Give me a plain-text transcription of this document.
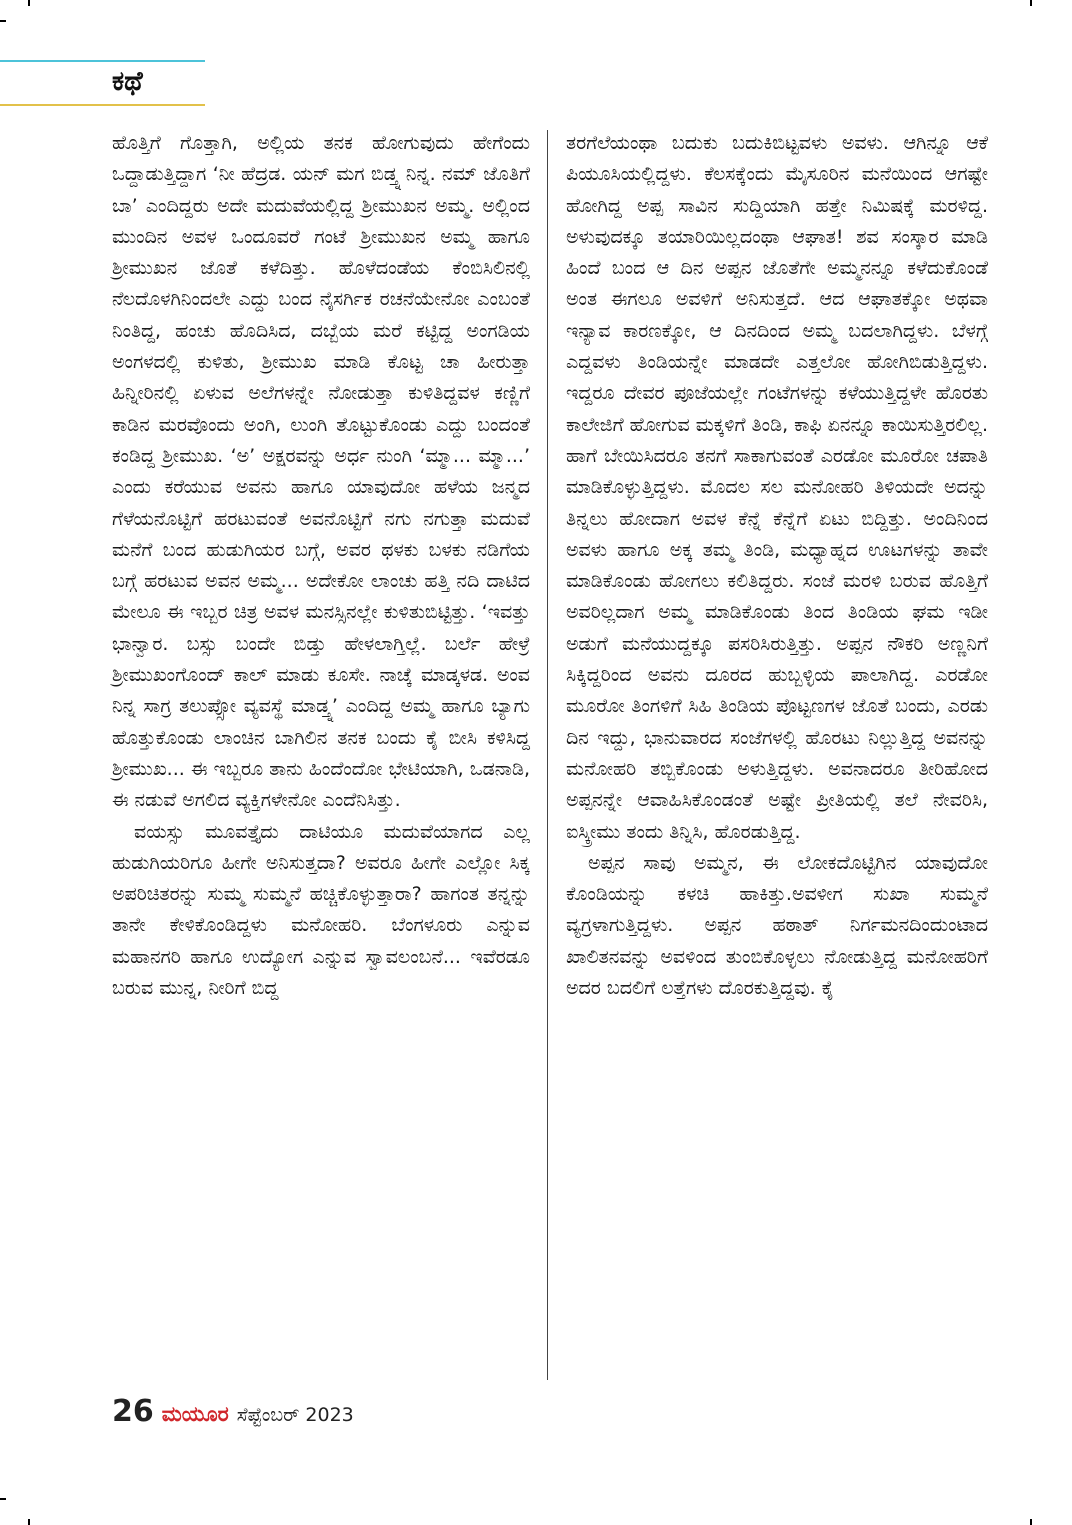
ಕಥೆ

ಹೊತ್ತಿಗೆ ಗೊತ್ತಾಗಿ, ಅಲ್ಲಿಯ ತನಕ ಹೋಗುವುದು ಹೇಗೆಂದು ಒದ್ದಾಡುತ್ತಿದ್ದಾಗ ‘ನೀ ಹೆದ್ರಡ. ಯನ್ ಮಗ ಬಿಡ್ತ್ನ ನಿನ್ನ. ನಮ್ ಜೊತಿಗೆ ಬಾ’ ಎಂದಿದ್ದರು ಅದೇ ಮದುವೆಯಲ್ಲಿದ್ದ ಶ್ರೀಮುಖನ ಅಮ್ಮ. ಅಲ್ಲಿಂದ ಮುಂದಿನ ಅವಳ ಒಂದೂವರೆ ಗಂಟೆ ಶ್ರೀಮುಖನ ಅಮ್ಮ ಹಾಗೂ ಶ್ರೀಮುಖನ ಜೊತೆ ಕಳೆದಿತ್ತು. ಹೊಳೆದಂಡೆಯ ಕೆಂಬಿಸಿಲಿನಲ್ಲಿ ನೆಲದೊಳಗಿನಿಂದಲೇ ಎದ್ದು ಬಂದ ನೈಸರ್ಗಿಕ ರಚನೆಯೇನೋ ಎಂಬಂತೆ ನಿಂತಿದ್ದ, ಹಂಚು ಹೊದಿಸಿದ, ದಬ್ಬೆಯ ಮರೆ ಕಟ್ಟಿದ್ದ ಅಂಗಡಿಯ ಅಂಗಳದಲ್ಲಿ ಕುಳಿತು, ಶ್ರೀಮುಖ ಮಾಡಿ ಕೊಟ್ಟ ಚಾ ಹೀರುತ್ತಾ ಹಿನ್ನೀರಿನಲ್ಲಿ ಏಳುವ ಅಲೆಗಳನ್ನೇ ನೋಡುತ್ತಾ ಕುಳಿತಿದ್ದವಳ ಕಣ್ಣಿಗೆ ಕಾಡಿನ ಮರವೊಂದು ಅಂಗಿ, ಲುಂಗಿ ತೊಟ್ಟುಕೊಂಡು ಎದ್ದು ಬಂದಂತೆ ಕಂಡಿದ್ದ ಶ್ರೀಮುಖ. ‘ಅ’ ಅಕ್ಷರವನ್ನು ಅರ್ಧ ನುಂಗಿ ‘ಮ್ಮಾ... ಮ್ಮಾ...’ ಎಂದು ಕರೆಯುವ ಅವನು ಹಾಗೂ ಯಾವುದೋ ಹಳೆಯ ಜನ್ಮದ ಗೆಳೆಯನೊಟ್ಟಿಗೆ ಹರಟುವಂತೆ ಅವನೊಟ್ಟಿಗೆ ನಗು ನಗುತ್ತಾ ಮದುವೆ ಮನೆಗೆ ಬಂದ ಹುಡುಗಿಯರ ಬಗ್ಗೆ, ಅವರ ಥಳಕು ಬಳಕು ನಡಿಗೆಯ ಬಗ್ಗೆ ಹರಟುವ ಅವನ ಅಮ್ಮ... ಅದೇಕೋ ಲಾಂಚು ಹತ್ತಿ ನದಿ ದಾಟಿದ ಮೇಲೂ ಈ ಇಬ್ಬರ ಚಿತ್ರ ಅವಳ ಮನಸ್ಸಿನಲ್ಲೇ ಕುಳಿತುಬಿಟ್ಟಿತ್ತು. ‘ಇವತ್ತು ಭಾನ್ವಾರ. ಬಸ್ಸು ಬಂದೇ ಬಿಡ್ತು ಹೇಳಲಾಗ್ತಿಲ್ಲೆ. ಬರ್ಲೆ ಹೇಳ್ರೆ ಶ್ರೀಮುಖಂಗೊಂದ್ ಕಾಲ್ ಮಾಡು ಕೂಸೇ. ನಾಚ್ಕೆ ಮಾಡ್ಕಳಡ. ಅಂವ ನಿನ್ನ ಸಾಗ್ರ ತಲುಪ್ಸೋ ವ್ಯವಸ್ಥೆ ಮಾಡ್ತ್ನ’ ಎಂದಿದ್ದ ಅಮ್ಮ ಹಾಗೂ ಬ್ಯಾಗು ಹೊತ್ತುಕೊಂಡು ಲಾಂಚಿನ ಬಾಗಿಲಿನ ತನಕ ಬಂದು ಕೈ ಬೀಸಿ ಕಳಿಸಿದ್ದ ಶ್ರೀಮುಖ... ಈ ಇಬ್ಬರೂ ತಾನು ಹಿಂದೆಂದೋ ಭೇಟಿಯಾಗಿ, ಒಡನಾಡಿ, ಈ ನಡುವೆ ಅಗಲಿದ ವ್ಯಕ್ತಿಗಳೇನೋ ಎಂದೆನಿಸಿತ್ತು.

ವಯಸ್ಸು ಮೂವತ್ತೈದು ದಾಟಿಯೂ ಮದುವೆಯಾಗದ ಎಲ್ಲ ಹುಡುಗಿಯರಿಗೂ ಹೀಗೇ ಅನಿಸುತ್ತದಾ? ಅವರೂ ಹೀಗೇ ಎಲ್ಲೋ ಸಿಕ್ಕ ಅಪರಿಚಿತರನ್ನು ಸುಮ್ಮ ಸುಮ್ಮನೆ ಹಚ್ಚಿಕೊಳ್ಳುತ್ತಾರಾ? ಹಾಗಂತ ತನ್ನನ್ನು ತಾನೇ ಕೇಳಿಕೊಂಡಿದ್ದಳು ಮನೋಹರಿ. ಬೆಂಗಳೂರು ಎನ್ನುವ ಮಹಾನಗರಿ ಹಾಗೂ ಉದ್ಯೋಗ ಎನ್ನುವ ಸ್ವಾವಲಂಬನೆ... ಇವೆರಡೂ ಬರುವ ಮುನ್ನ, ನೀರಿಗೆ ಬಿದ್ದ

ತರಗೆಲೆಯಂಥಾ ಬದುಕು ಬದುಕಿಬಿಟ್ಟವಳು ಅವಳು. ಆಗಿನ್ನೂ ಆಕೆ ಪಿಯೂಸಿಯಲ್ಲಿದ್ದಳು. ಕೆಲಸಕ್ಕೆಂದು ಮೈಸೂರಿನ ಮನೆಯಿಂದ ಆಗಷ್ಟೇ ಹೋಗಿದ್ದ ಅಪ್ಪ ಸಾವಿನ ಸುದ್ದಿಯಾಗಿ ಹತ್ತೇ ನಿಮಿಷಕ್ಕೆ ಮರಳಿದ್ದ. ಅಳುವುದಕ್ಕೂ ತಯಾರಿಯಿಲ್ಲದಂಥಾ ಆಘಾತ! ಶವ ಸಂಸ್ಕಾರ ಮಾಡಿ ಹಿಂದೆ ಬಂದ ಆ ದಿನ ಅಪ್ಪನ ಜೊತೆಗೇ ಅಮ್ಮನನ್ನೂ ಕಳೆದುಕೊಂಡೆ ಅಂತ ಈಗಲೂ ಅವಳಿಗೆ ಅನಿಸುತ್ತದೆ. ಆದ ಆಘಾತಕ್ಕೋ ಅಥವಾ ಇನ್ಯಾವ ಕಾರಣಕ್ಕೋ, ಆ ದಿನದಿಂದ ಅಮ್ಮ ಬದಲಾಗಿದ್ದಳು. ಬೆಳಗ್ಗೆ ಎದ್ದವಳು ತಿಂಡಿಯನ್ನೇ ಮಾಡದೇ ಎತ್ತಲೋ ಹೋಗಿಬಿಡುತ್ತಿದ್ದಳು. ಇದ್ದರೂ ದೇವರ ಪೂಜೆಯಲ್ಲೇ ಗಂಟೆಗಳನ್ನು ಕಳೆಯುತ್ತಿದ್ದಳೇ ಹೊರತು ಕಾಲೇಜಿಗೆ ಹೋಗುವ ಮಕ್ಕಳಿಗೆ ತಿಂಡಿ, ಕಾಫಿ ಏನನ್ನೂ ಕಾಯಿಸುತ್ತಿರಲಿಲ್ಲ. ಹಾಗೆ ಬೇಯಿಸಿದರೂ ತನಗೆ ಸಾಕಾಗುವಂತೆ ಎರಡೋ ಮೂರೋ ಚಪಾತಿ ಮಾಡಿಕೊಳ್ಳುತ್ತಿದ್ದಳು. ಮೊದಲ ಸಲ ಮನೋಹರಿ ತಿಳಿಯದೇ ಅದನ್ನು ತಿನ್ನಲು ಹೋದಾಗ ಅವಳ ಕೆನ್ನೆ ಕೆನ್ನೆಗೆ ಏಟು ಬಿದ್ದಿತ್ತು. ಅಂದಿನಿಂದ ಅವಳು ಹಾಗೂ ಅಕ್ಕ ತಮ್ಮ ತಿಂಡಿ, ಮಧ್ಯಾಹ್ನದ ಊಟಗಳನ್ನು ತಾವೇ ಮಾಡಿಕೊಂಡು ಹೋಗಲು ಕಲಿತಿದ್ದರು. ಸಂಜೆ ಮರಳಿ ಬರುವ ಹೊತ್ತಿಗೆ ಅವರಿಲ್ಲದಾಗ ಅಮ್ಮ ಮಾಡಿಕೊಂಡು ತಿಂದ ತಿಂಡಿಯ ಘಮ ಇಡೀ ಅಡುಗೆ ಮನೆಯುದ್ದಕ್ಕೂ ಪಸರಿಸಿರುತ್ತಿತ್ತು. ಅಪ್ಪನ ನೌಕರಿ ಅಣ್ಣನಿಗೆ ಸಿಕ್ಕಿದ್ದರಿಂದ ಅವನು ದೂರದ ಹುಬ್ಬಳ್ಳಿಯ ಪಾಲಾಗಿದ್ದ. ಎರಡೋ ಮೂರೋ ತಿಂಗಳಿಗೆ ಸಿಹಿ ತಿಂಡಿಯ ಪೊಟ್ಟಣಗಳ ಜೊತೆ ಬಂದು, ಎರಡು ದಿನ ಇದ್ದು, ಭಾನುವಾರದ ಸಂಜೆಗಳಲ್ಲಿ ಹೊರಟು ನಿಲ್ಲುತ್ತಿದ್ದ ಅವನನ್ನು ಮನೋಹರಿ ತಬ್ಬಿಕೊಂಡು ಅಳುತ್ತಿದ್ದಳು. ಅವನಾದರೂ ತೀರಿಹೋದ ಅಪ್ಪನನ್ನೇ ಆವಾಹಿಸಿಕೊಂಡಂತೆ ಅಷ್ಟೇ ಪ್ರೀತಿಯಲ್ಲಿ ತಲೆ ನೇವರಿಸಿ, ಐಸ್ಕ್ರೀಮು ತಂದು ತಿನ್ನಿಸಿ, ಹೊರಡುತ್ತಿದ್ದ.

ಅಪ್ಪನ ಸಾವು ಅಮ್ಮನ, ಈ ಲೋಕದೊಟ್ಟಿಗಿನ ಯಾವುದೋ ಕೊಂಡಿಯನ್ನು ಕಳಚಿ ಹಾಕಿತ್ತು.ಅವಳೀಗ ಸುಖಾ ಸುಮ್ಮನೆ ವ್ಯಗ್ರಳಾಗುತ್ತಿದ್ದಳು. ಅಪ್ಪನ ಹಠಾತ್ ನಿರ್ಗಮನದಿಂದುಂಟಾದ ಖಾಲಿತನವನ್ನು ಅವಳಿಂದ ತುಂಬಿಕೊಳ್ಳಲು ನೋಡುತ್ತಿದ್ದ ಮನೋಹರಿಗೆ ಅದರ ಬದಲಿಗೆ ಲತ್ತೆಗಳು ದೊರಕುತ್ತಿದ್ದವು. ಕೈ

26 ಮಯೂರ ಸೆಪ್ಟೆಂಬರ್ 2023
